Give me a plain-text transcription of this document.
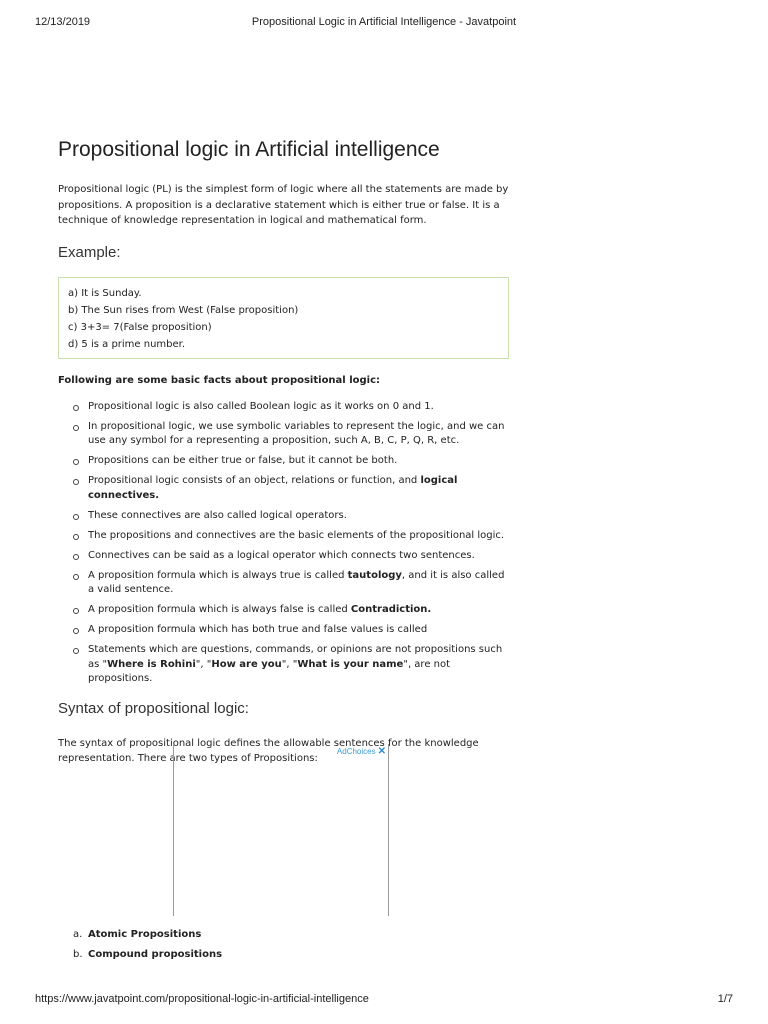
12/13/2019	Propositional Logic in Artificial Intelligence - Javatpoint
Propositional logic in Artificial intelligence

Propositional logic (PL) is the simplest form of logic where all the statements are made by propositions. A proposition is a declarative statement which is either true or false. It is a technique of knowledge representation in logical and mathematical form.

Example:
a) It is Sunday.
b) The Sun rises from West (False proposition)
c) 3+3= 7(False proposition)
d) 5 is a prime number.
Following are some basic facts about propositional logic:
Propositional logic is also called Boolean logic as it works on 0 and 1.
In propositional logic, we use symbolic variables to represent the logic, and we can use any symbol for a representing a proposition, such A, B, C, P, Q, R, etc.
Propositions can be either true or false, but it cannot be both.
Propositional logic consists of an object, relations or function, and logical connectives.
These connectives are also called logical operators.
The propositions and connectives are the basic elements of the propositional logic.
Connectives can be said as a logical operator which connects two sentences.
A proposition formula which is always true is called tautology, and it is also called a valid sentence.
A proposition formula which is always false is called Contradiction.
A proposition formula which has both true and false values is called
Statements which are questions, commands, or opinions are not propositions such as "Where is Rohini", "How are you", "What is your name", are not propositions.
Syntax of propositional logic:

The syntax of propositional logic defines the allowable sentences for the knowledge representation. There are two types of Propositions:

AdChoices ✕
a. Atomic Propositions
b. Compound propositions
https://www.javatpoint.com/propositional-logic-in-artificial-intelligence	1/7
